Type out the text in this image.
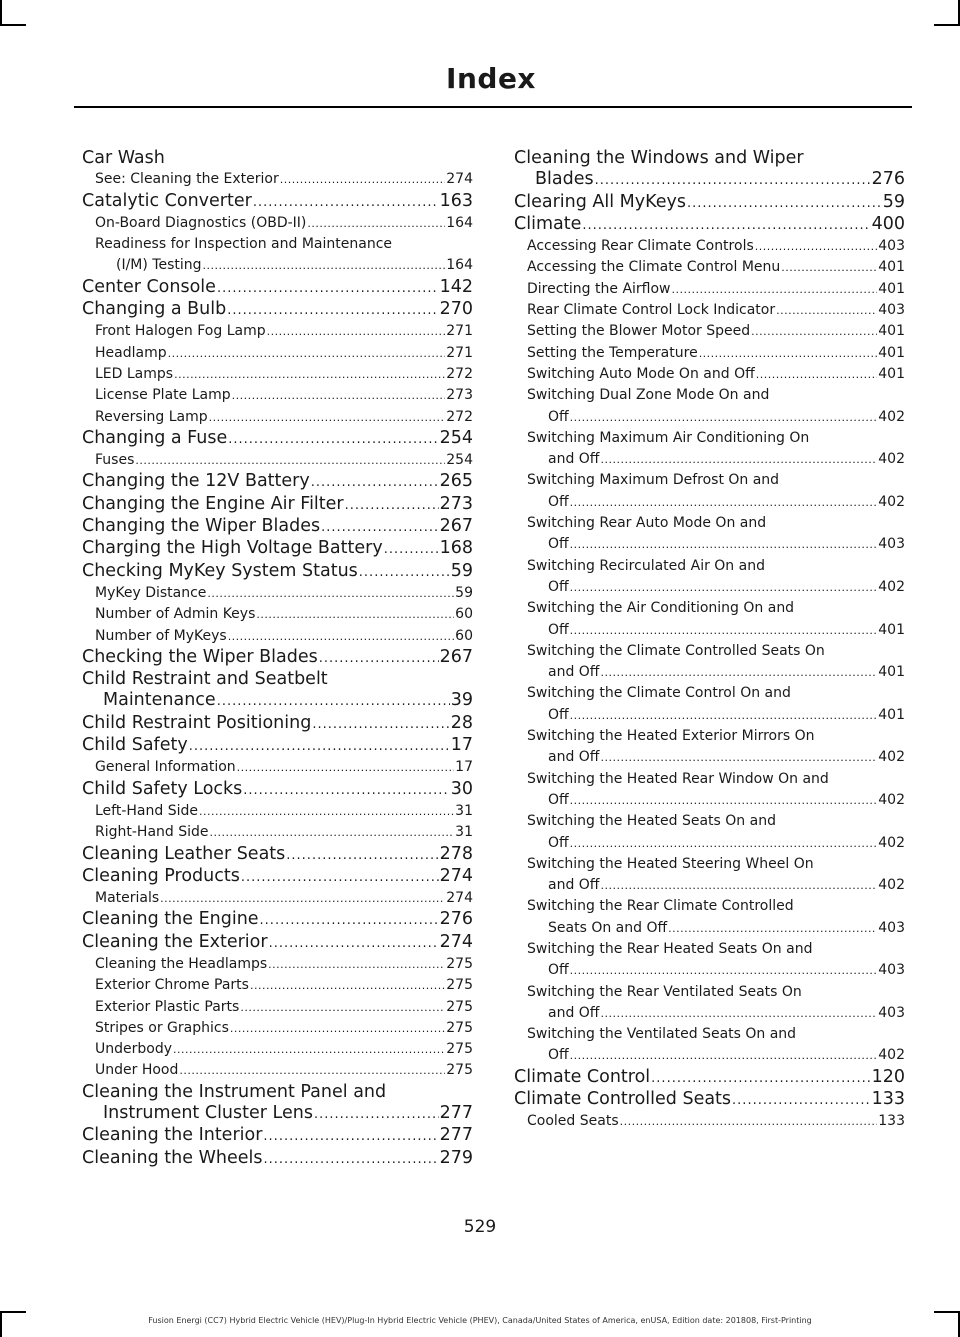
Index
Car Wash
See: Cleaning the Exterior .....	274
Catalytic Converter .....	163
On-Board Diagnostics (OBD-II) .....	164
Readiness for Inspection and Maintenance
(I/M) Testing .....	164
Center Console .....	142
Changing a Bulb .....	270
Front Halogen Fog Lamp .....	271
Headlamp .....	271
LED Lamps .....	272
License Plate Lamp .....	273
Reversing Lamp .....	272
Changing a Fuse .....	254
Fuses .....	254
Changing the 12V Battery .....	265
Changing the Engine Air Filter .....	273
Changing the Wiper Blades .....	267
Charging the High Voltage Battery .....	168
Checking MyKey System Status .....	59
MyKey Distance .....	59
Number of Admin Keys .....	60
Number of MyKeys .....	60
Checking the Wiper Blades .....	267
Child Restraint and Seatbelt
Maintenance .....	39
Child Restraint Positioning .....	28
Child Safety .....	17
General Information .....	17
Child Safety Locks .....	30
Left-Hand Side .....	31
Right-Hand Side .....	31
Cleaning Leather Seats .....	278
Cleaning Products .....	274
Materials .....	274
Cleaning the Engine .....	276
Cleaning the Exterior .....	274
Cleaning the Headlamps .....	275
Exterior Chrome Parts .....	275
Exterior Plastic Parts .....	275
Stripes or Graphics .....	275
Underbody .....	275
Under Hood .....	275
Cleaning the Instrument Panel and
Instrument Cluster Lens .....	277
Cleaning the Interior .....	277
Cleaning the Wheels .....	279
Cleaning the Windows and Wiper
Blades .....	276
Clearing All MyKeys .....	59
Climate .....	400
Accessing Rear Climate Controls .....	403
Accessing the Climate Control Menu .....	401
Directing the Airflow .....	401
Rear Climate Control Lock Indicator .....	403
Setting the Blower Motor Speed .....	401
Setting the Temperature .....	401
Switching Auto Mode On and Off .....	401
Switching Dual Zone Mode On and
Off .....	402
Switching Maximum Air Conditioning On
and Off .....	402
Switching Maximum Defrost On and
Off .....	402
Switching Rear Auto Mode On and
Off .....	403
Switching Recirculated Air On and
Off .....	402
Switching the Air Conditioning On and
Off .....	401
Switching the Climate Controlled Seats On
and Off .....	401
Switching the Climate Control On and
Off .....	401
Switching the Heated Exterior Mirrors On
and Off .....	402
Switching the Heated Rear Window On and
Off .....	402
Switching the Heated Seats On and
Off .....	402
Switching the Heated Steering Wheel On
and Off .....	402
Switching the Rear Climate Controlled
Seats On and Off .....	403
Switching the Rear Heated Seats On and
Off .....	403
Switching the Rear Ventilated Seats On
and Off .....	403
Switching the Ventilated Seats On and
Off .....	402
Climate Control .....	120
Climate Controlled Seats .....	133
Cooled Seats .....	133
529
Fusion Energi (CC7) Hybrid Electric Vehicle (HEV)/Plug-In Hybrid Electric Vehicle (PHEV), Canada/United States of America, enUSA, Edition date: 201808, First-Printing
